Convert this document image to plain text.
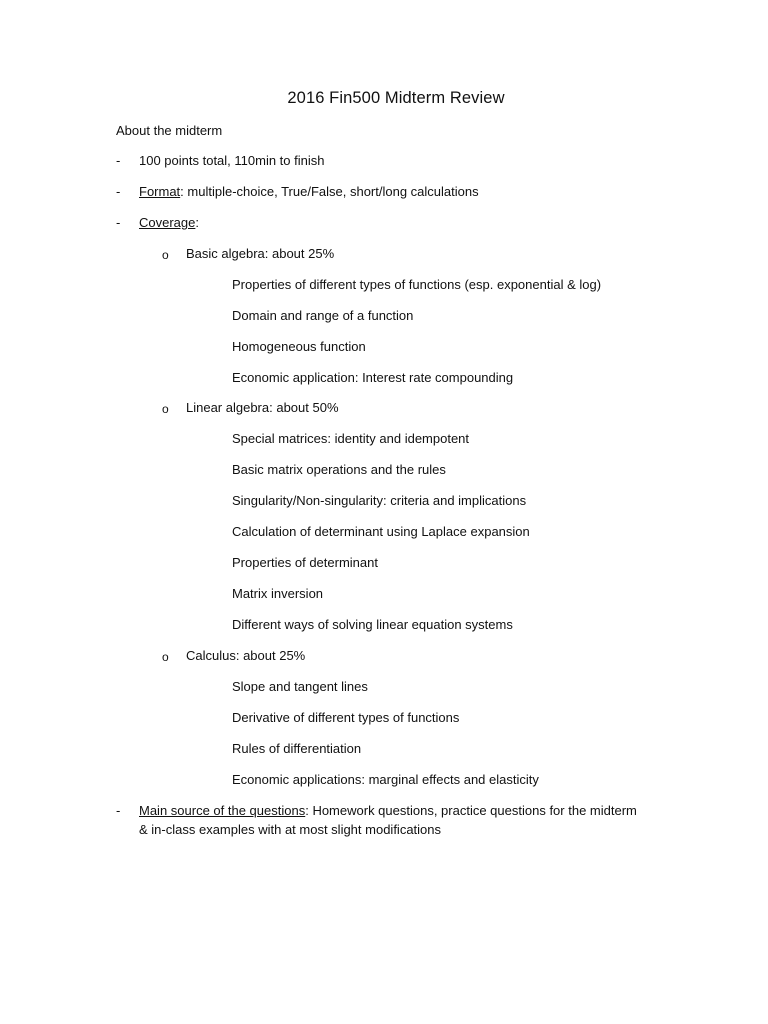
2016 Fin500 Midterm Review
About the midterm
- 100 points total, 110min to finish
- Format: multiple-choice, True/False, short/long calculations
- Coverage:
o Basic algebra: about 25%
Properties of different types of functions (esp. exponential & log)
Domain and range of a function
Homogeneous function
Economic application: Interest rate compounding
o Linear algebra: about 50%
Special matrices: identity and idempotent
Basic matrix operations and the rules
Singularity/Non-singularity: criteria and implications
Calculation of determinant using Laplace expansion
Properties of determinant
Matrix inversion
Different ways of solving linear equation systems
o Calculus: about 25%
Slope and tangent lines
Derivative of different types of functions
Rules of differentiation
Economic applications: marginal effects and elasticity
- Main source of the questions: Homework questions, practice questions for the midterm
& in-class examples with at most slight modifications
